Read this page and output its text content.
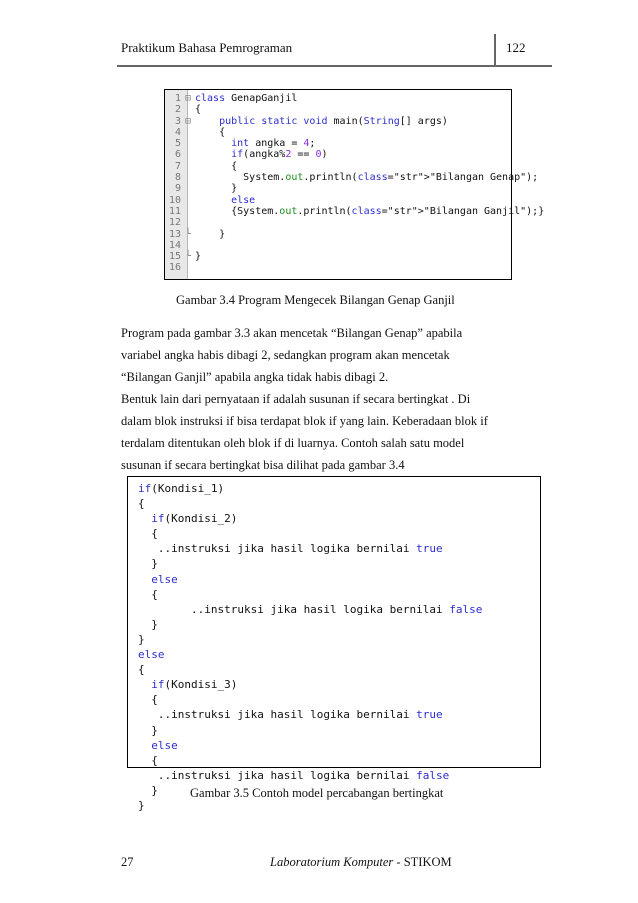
Praktikum Bahasa Pemrograman	122
1 ⊟ class GenapGanjil
2 {
3 ⊟	public static void main(String[] args)
4	{
5	int angka = 4;
6	if(angka%2 == 0)
7	{
8        System.out.println(class="str">"Bilangan Genap");
9	}
10	else
11      {System.out.println(class="str">"Bilangan Ganjil");}
12
13 └	}
14
15 └ }
16
Gambar 3.4 Program Mengecek Bilangan Genap Ganjil
Program pada gambar 3.3 akan mencetak “Bilangan Genap” apabila
variabel angka habis dibagi 2, sedangkan program akan mencetak
“Bilangan Ganjil” apabila angka tidak habis dibagi 2.
Bentuk lain dari pernyataan if adalah susunan if secara bertingkat . Di
dalam blok instruksi if bisa terdapat blok if yang lain. Keberadaan blok if
terdalam ditentukan oleh blok if di luarnya. Contoh salah satu model
susunan if secara bertingkat bisa dilihat pada gambar 3.4
if(Kondisi_1)
{
if(Kondisi_2)
{
..instruksi jika hasil logika bernilai true
}
else
{
..instruksi jika hasil logika bernilai false
}
}
else
{
if(Kondisi_3)
{
..instruksi jika hasil logika bernilai true
}
else
{
..instruksi jika hasil logika bernilai false
}
}
Gambar 3.5 Contoh model percabangan bertingkat
27	Laboratorium Komputer - STIKOM
